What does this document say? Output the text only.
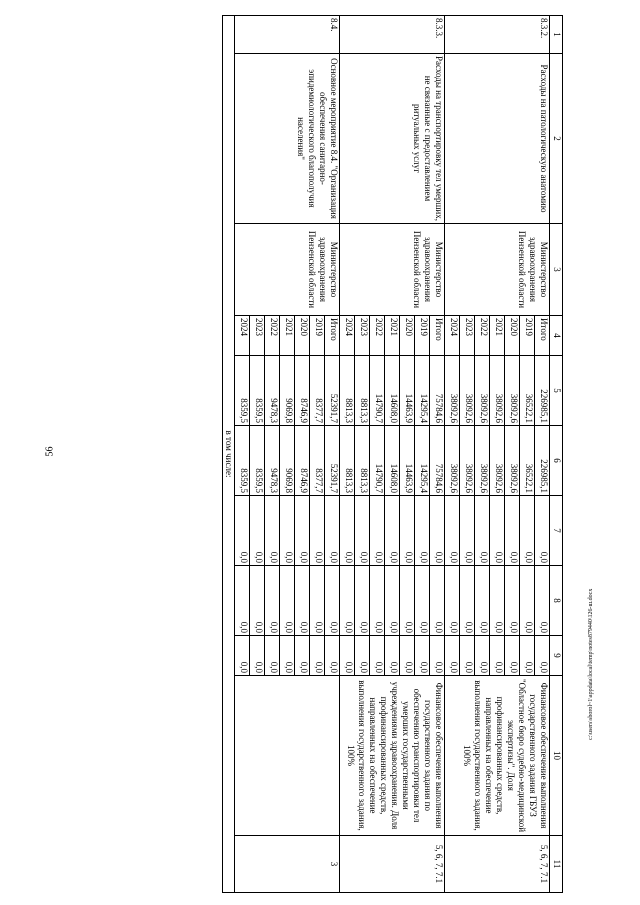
56
1	2	3	4	5	6	7	8	9	10	11
8.3.2.	Расходы на патологическую анатомию	Министерство здравоохранения Пензенской области	Итого	226985,1	226985,1	0,0	0,0	0,0	Финансовое обеспечение выполнения государственного задания ГБУЗ "Областное бюро судебно-медицинской экспертизы". Доля профинансированных средств, направленных на обеспечение выполнения государственного задания, 100%	5, 6, 7, 7.1
			2019	36522,1	36522,1	0,0	0,0	0,0		
			2020	38092,6	38092,6	0,0	0,0	0,0		
			2021	38092,6	38092,6	0,0	0,0	0,0		
			2022	38092,6	38092,6	0,0	0,0	0,0		
			2023	38092,6	38092,6	0,0	0,0	0,0		
			2024	38092,6	38092,6	0,0	0,0	0,0		
8.3.3.	Расходы на транспортировку тел умерших, не связанные с предоставлением ритуальных услуг	Министерство здравоохранения Пензенской области	Итого	75784,6	75784,6	0,0	0,0	0,0	Финансовое обеспечение выполнения государственного задания по обеспечению транспортировки тел умерших государственными учреждениями здравоохранения. Доля профинансированных средств, направленных на обеспечение выполнения государственного задания, 100%	5, 6, 7, 7.1
			2019	14295,4	14295,4	0,0	0,0	0,0		
			2020	14463,9	14463,9	0,0	0,0	0,0		
			2021	14608,0	14608,0	0,0	0,0	0,0		
			2022	14790,7	14790,7	0,0	0,0	0,0		
			2023	8813,3	8813,3	0,0	0,0	0,0		
			2024	8813,3	8813,3	0,0	0,0	0,0		
8.4.	Основное мероприятие 8.4. "Организация обеспечения санитарно-эпидемиологического благополучия населения"	Министерство здравоохранения Пензенской области	Итого	52391,7	52391,7	0,0	0,0	0,0		3
			2019	8377,7	8377,7	0,0	0,0	0,0		
			2020	8746,9	8746,9	0,0	0,0	0,0		
			2021	9069,8	9069,8	0,0	0,0	0,0		
			2022	9478,3	9478,3	0,0	0,0	0,0		
			2023	8359,5	8359,5	0,0	0,0	0,0		
			2024	8359,5	8359,5	0,0	0,0	0,0		
в том числе:										
c:\users\sborol~1\appdata\local\temp\notes879440\126-ш.docx
